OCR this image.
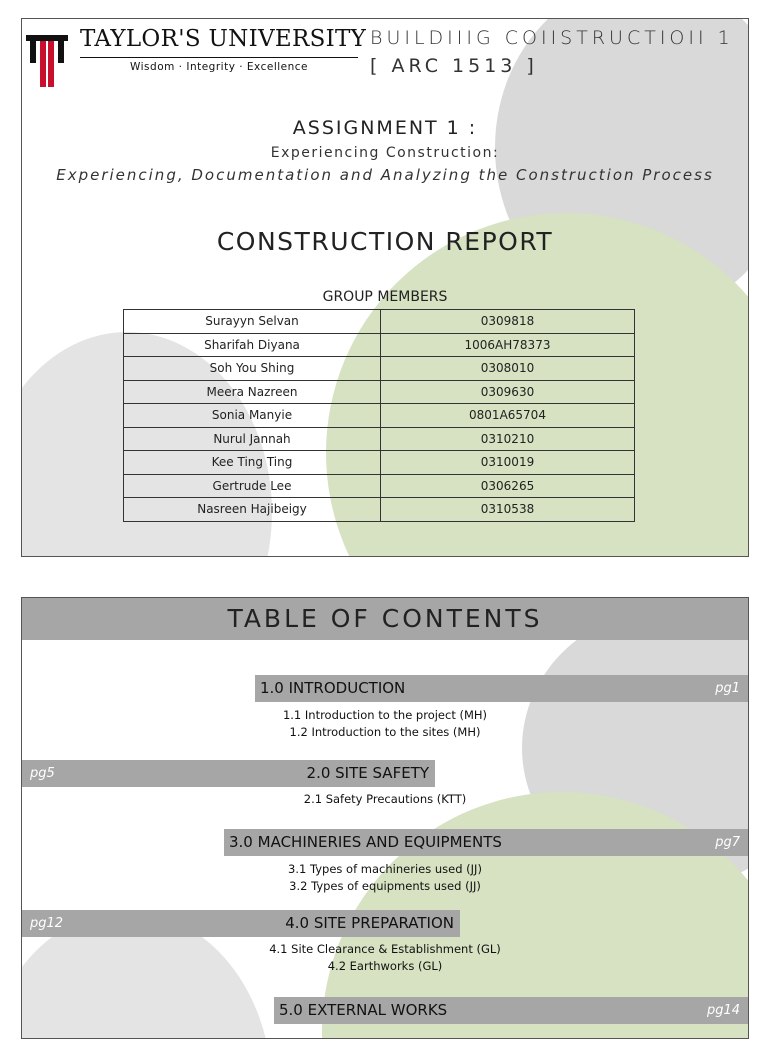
TAYLOR'S UNIVERSITY
Wisdom · Integrity · Excellence
BUILDIIIG COIISTRUCTIOII 1
[ ARC 1513 ]
ASSIGNMENT 1 :
Experiencing Construction:
Experiencing, Documentation and Analyzing the Construction Process
CONSTRUCTION REPORT
GROUP MEMBERS
Surayyn Selvan	0309818
Sharifah Diyana	1006AH78373
Soh You Shing	0308010
Meera Nazreen	0309630
Sonia Manyie	0801A65704
Nurul Jannah	0310210
Kee Ting Ting	0310019
Gertrude Lee	0306265
Nasreen Hajibeigy	0310538
TABLE OF CONTENTS
1.0 INTRODUCTION	pg1
1.1 Introduction to the project (MH)
1.2 Introduction to the sites (MH)
pg5	2.0 SITE SAFETY
2.1 Safety Precautions (KTT)
3.0 MACHINERIES AND EQUIPMENTS	pg7
3.1 Types of machineries used (JJ)
3.2 Types of equipments used (JJ)
pg12	4.0 SITE PREPARATION
4.1 Site Clearance & Establishment (GL)
4.2 Earthworks (GL)
5.0 EXTERNAL WORKS	pg14
